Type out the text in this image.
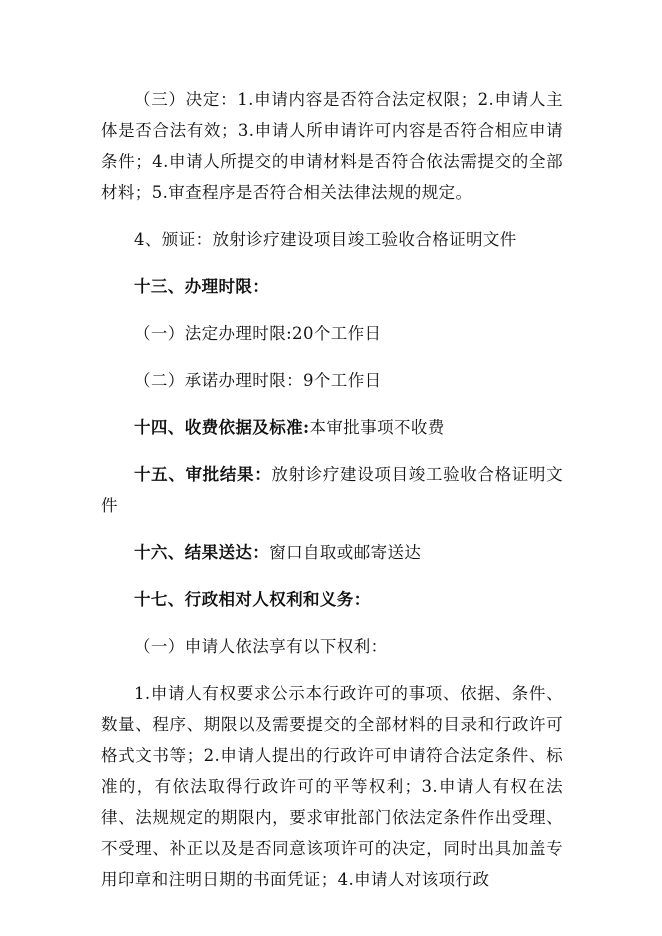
（三）决定：1.申请内容是否符合法定权限；2.申请人主体是否合法有效；3.申请人所申请许可内容是否符合相应申请条件；4.申请人所提交的申请材料是否符合依法需提交的全部材料；5.审查程序是否符合相关法律法规的规定。

4、颁证：放射诊疗建设项目竣工验收合格证明文件

十三、办理时限：

（一）法定办理时限:20个工作日

（二）承诺办理时限：9个工作日

十四、收费依据及标准:本审批事项不收费

十五、审批结果：放射诊疗建设项目竣工验收合格证明文件

十六、结果送达：窗口自取或邮寄送达

十七、行政相对人权利和义务：

（一）申请人依法享有以下权利：

1.申请人有权要求公示本行政许可的事项、依据、条件、数量、程序、期限以及需要提交的全部材料的目录和行政许可格式文书等；2.申请人提出的行政许可申请符合法定条件、标准的，有依法取得行政许可的平等权利；3.申请人有权在法律、法规规定的期限内，要求审批部门依法定条件作出受理、不受理、补正以及是否同意该项许可的决定，同时出具加盖专用印章和注明日期的书面凭证；4.申请人对该项行政
